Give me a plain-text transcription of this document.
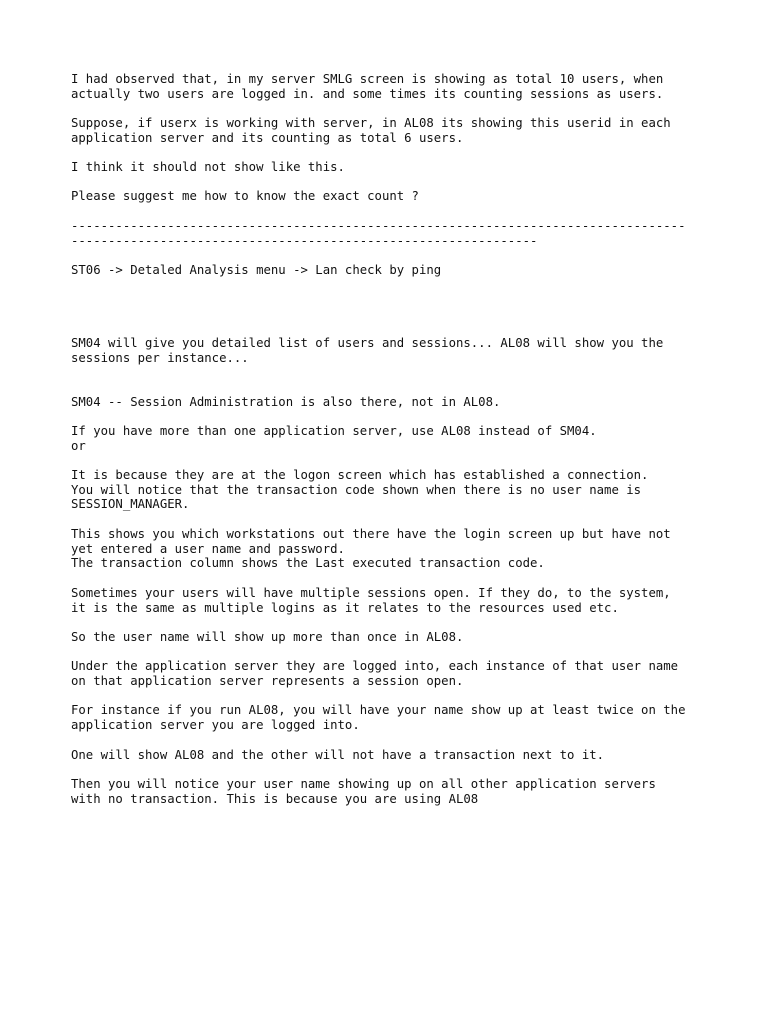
I had observed that, in my server SMLG screen is showing as total 10 users, when
actually two users are logged in. and some times its counting sessions as users.

Suppose, if userx is working with server, in AL08 its showing this userid in each
application server and its counting as total 6 users.

I think it should not show like this.

Please suggest me how to know the exact count ?

-----------------------------------------------------------------------------------
---------------------------------------------------------------

ST06 -> Detaled Analysis menu -> Lan check by ping

SM04 will give you detailed list of users and sessions... AL08 will show you the
sessions per instance...

SM04 -- Session Administration is also there, not in AL08.

If you have more than one application server, use AL08 instead of SM04.
or

It is because they are at the logon screen which has established a connection.
You will notice that the transaction code shown when there is no user name is
SESSION_MANAGER.

This shows you which workstations out there have the login screen up but have not
yet entered a user name and password.
The transaction column shows the Last executed transaction code.

Sometimes your users will have multiple sessions open. If they do, to the system,
it is the same as multiple logins as it relates to the resources used etc.

So the user name will show up more than once in AL08.

Under the application server they are logged into, each instance of that user name
on that application server represents a session open.

For instance if you run AL08, you will have your name show up at least twice on the
application server you are logged into.

One will show AL08 and the other will not have a transaction next to it.

Then you will notice your user name showing up on all other application servers
with no transaction. This is because you are using AL08
